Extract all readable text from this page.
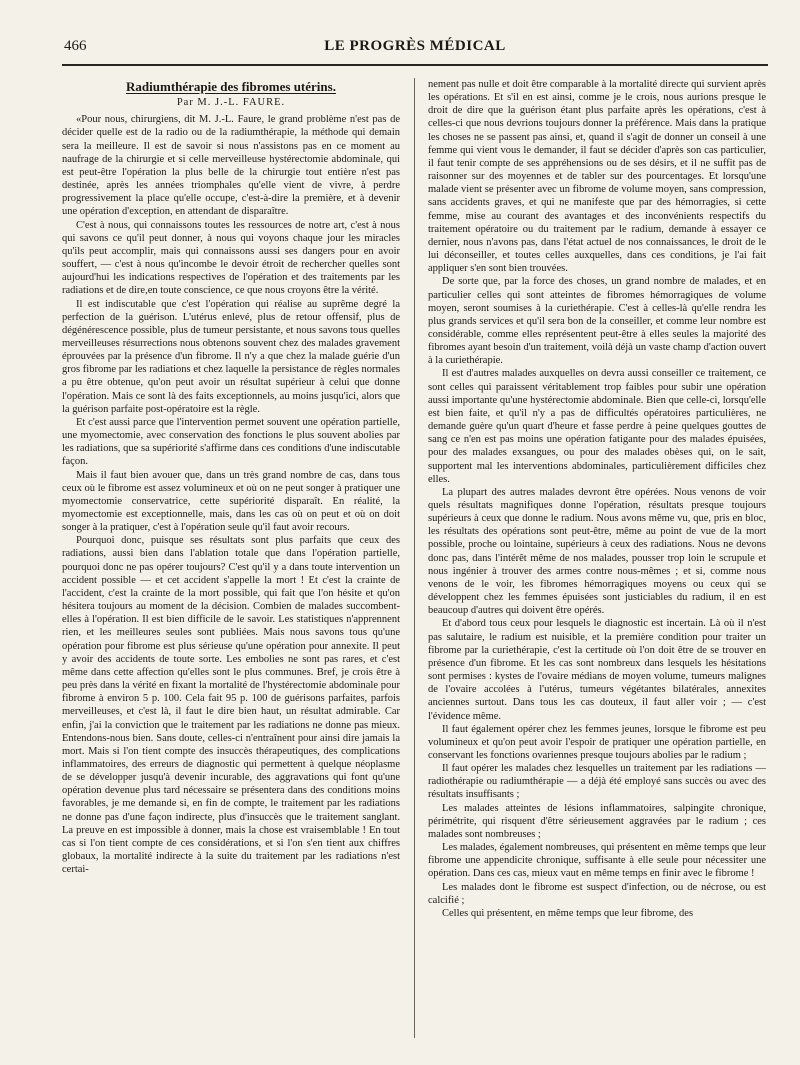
466	LE PROGRÈS MÉDICAL
Radiumthérapie des fibromes utérins.
Par M. J.-L. FAURE.

«Pour nous, chirurgiens, dit M. J.-L. Faure, le grand problème n'est pas de décider quelle est de la radio ou de la radiumthérapie, la méthode qui demain sera la meilleure. Il est de savoir si nous n'assistons pas en ce moment au naufrage de la chirurgie et si celle merveilleuse hystérectomie abdominale, qui est peut-être l'opération la plus belle de la chirurgie tout entière n'est pas destinée, après les années triomphales qu'elle vient de vivre, à perdre progressivement la place qu'elle occupe, c'est-à-dire la première, et à devenir une opération d'exception, en attendant de disparaître.

C'est à nous, qui connaissons toutes les ressources de notre art, c'est à nous qui savons ce qu'il peut donner, à nous qui voyons chaque jour les miracles qu'ils peut accomplir, mais qui connaissons aussi ses dangers pour en avoir souffert, — c'est à nous qu'incombe le devoir étroit de rechercher quelles sont aujourd'hui les indications respectives de l'opération et des traitements par les radiations et de dire,en toute conscience, ce que nous croyons être la vérité.

Il est indiscutable que c'est l'opération qui réalise au suprême degré la perfection de la guérison. L'utérus enlevé, plus de retour offensif, plus de dégénérescence possible, plus de tumeur persistante, et nous savons tous quelles merveilleuses résurrections nous obtenons souvent chez des malades gravement éprouvées par la présence d'un fibrome. Il n'y a que chez la malade guérie d'un gros fibrome par les radiations et chez laquelle la persistance de règles normales a pu être obtenue, qu'on peut avoir un résultat supérieur à celui que donne l'opération. Mais ce sont là des faits exceptionnels, au moins jusqu'ici, alors que la guérison parfaite post-opératoire est la règle.

Et c'est aussi parce que l'intervention permet souvent une opération partielle, une myomectomie, avec conservation des fonctions le plus souvent abolies par les radiations, que sa supériorité s'affirme dans ces conditions d'une indiscutable façon.

Mais il faut bien avouer que, dans un très grand nombre de cas, dans tous ceux où le fibrome est assez volumineux et où on ne peut songer à pratiquer une myomectomie conservatrice, cette supériorité disparaît. En réalité, la myomectomie est exceptionnelle, mais, dans les cas où on peut et où on doit songer à la pratiquer, c'est à l'opération seule qu'il faut avoir recours.

Pourquoi donc, puisque ses résultats sont plus parfaits que ceux des radiations, aussi bien dans l'ablation totale que dans l'opération partielle, pourquoi donc ne pas opérer toujours? C'est qu'il y a dans toute intervention un accident possible — et cet accident s'appelle la mort ! Et c'est la crainte de l'accident, c'est la crainte de la mort possible, qui fait que l'on hésite et qu'on hésitera toujours au moment de la décision. Combien de malades succombent-elles à l'opération. Il est bien difficile de le savoir. Les statistiques n'apprennent rien, et les meilleures seules sont publiées. Mais nous savons tous qu'une opération pour fibrome est plus sérieuse qu'une opération pour annexite. Il peut y avoir des accidents de toute sorte. Les embolies ne sont pas rares, et c'est même dans cette affection qu'elles sont le plus communes. Bref, je crois être à peu près dans la vérité en fixant la mortalité de l'hystérectomie abdominale pour fibrome à environ 5 p. 100. Cela fait 95 p. 100 de guérisons parfaites, parfois merveilleuses, et c'est là, il faut le dire bien haut, un résultat admirable. Car enfin, j'ai la conviction que le traitement par les radiations ne donne pas mieux. Entendons-nous bien. Sans doute, celles-ci n'entraînent pour ainsi dire jamais la mort. Mais si l'on tient compte des insuccès thérapeutiques, des complications inflammatoires, des erreurs de diagnostic qui permettent à quelque néoplasme de se développer jusqu'à devenir incurable, des aggravations qui font qu'une opération devenue plus tard nécessaire se présentera dans des conditions moins favorables, je me demande si, en fin de compte, le traitement par les radiations ne donne pas d'une façon indirecte, plus d'insuccès que le traitement sanglant. La preuve en est impossible à donner, mais la chose est vraisemblable ! En tout cas si l'on tient compte de ces considérations, et si l'on s'en tient aux chiffres globaux, la mortalité indirecte à la suite du traitement par les radiations n'est certai-

nement pas nulle et doit être comparable à la mortalité directe qui survient après les opérations. Et s'il en est ainsi, comme je le crois, nous aurions presque le droit de dire que la guérison étant plus parfaite après les opérations, c'est à celles-ci que nous devrions toujours donner la préférence. Mais dans la pratique les choses ne se passent pas ainsi, et, quand il s'agit de donner un conseil à une femme qui vient vous le demander, il faut se décider d'après son cas particulier, il faut tenir compte de ses appréhensions ou de ses désirs, et il ne suffit pas de raisonner sur des moyennes et de tabler sur des pourcentages. Et lorsqu'une malade vient se présenter avec un fibrome de volume moyen, sans compression, sans accidents graves, et qui ne manifeste que par des hémorragies, si cette femme, mise au courant des avantages et des inconvénients respectifs du traitement opératoire ou du traitement par le radium, demande à essayer ce dernier, nous n'avons pas, dans l'état actuel de nos connaissances, le droit de le lui déconseiller, et toutes celles auxquelles, dans ces conditions, je l'ai fait appliquer s'en sont bien trouvées.

De sorte que, par la force des choses, un grand nombre de malades, et en particulier celles qui sont atteintes de fibromes hémorragiques de volume moyen, seront soumises à la curiethérapie. C'est à celles-là qu'elle rendra les plus grands services et qu'il sera bon de la conseiller, et comme leur nombre est considérable, comme elles représentent peut-être à elles seules la majorité des fibromes ayant besoin d'un traitement, voilà déjà un vaste champ d'action ouvert à la curiethérapie.

Il est d'autres malades auxquelles on devra aussi conseiller ce traitement, ce sont celles qui paraissent véritablement trop faibles pour subir une opération aussi importante qu'une hystérectomie abdominale. Bien que celle-ci, lorsqu'elle est bien faite, et qu'il n'y a pas de difficultés opératoires particulières, ne demande guère qu'un quart d'heure et fasse perdre à peine quelques gouttes de sang ce n'en est pas moins une opération fatigante pour des malades épuisées, pour des malades exsangues, ou pour des malades obèses qui, on le sait, supportent mal les interventions abdominales, particulièrement difficiles chez elles.

La plupart des autres malades devront être opérées. Nous venons de voir quels résultats magnifiques donne l'opération, résultats presque toujours supérieurs à ceux que donne le radium. Nous avons même vu, que, pris en bloc, les résultats des opérations sont peut-être, même au point de vue de la mort possible, proche ou lointaine, supérieurs à ceux des radiations. Nous ne devons donc pas, dans l'intérêt même de nos malades, pousser trop loin le scrupule et nous ingénier à trouver des armes contre nous-mêmes ; et si, comme nous venons de le voir, les fibromes hémorragiques moyens ou ceux qui se développent chez les femmes épuisées sont justiciables du radium, il en est beaucoup d'autres qui doivent être opérés.

Et d'abord tous ceux pour lesquels le diagnostic est incertain. Là où il n'est pas salutaire, le radium est nuisible, et la première condition pour traiter un fibrome par la curiethérapie, c'est la certitude où l'on doit être de se trouver en présence d'un fibrome. Et les cas sont nombreux dans lesquels les hésitations sont permises : kystes de l'ovaire médians de moyen volume, tumeurs malignes de l'ovaire accolées à l'utérus, tumeurs végétantes bilatérales, annexites anciennes surtout. Dans tous les cas douteux, il faut aller voir ; — c'est l'évidence même.

Il faut également opérer chez les femmes jeunes, lorsque le fibrome est peu volumineux et qu'on peut avoir l'espoir de pratiquer une opération partielle, en conservant les fonctions ovariennes presque toujours abolies par le radium ;

Il faut opérer les malades chez lesquelles un traitement par les radiations — radiothérapie ou radiumthérapie — a déjà été employé sans succès ou avec des résultats insuffisants ;

Les malades atteintes de lésions inflammatoires, salpingite chronique, périmétrite, qui risquent d'être sérieusement aggravées par le radium ; ces malades sont nombreuses ;

Les malades, également nombreuses, qui présentent en même temps que leur fibrome une appendicite chronique, suffisante à elle seule pour nécessiter une opération. Dans ces cas, mieux vaut en même temps en finir avec le fibrome !

Les malades dont le fibrome est suspect d'infection, ou de nécrose, ou est calcifié ;

Celles qui présentent, en même temps que leur fibrome, des
